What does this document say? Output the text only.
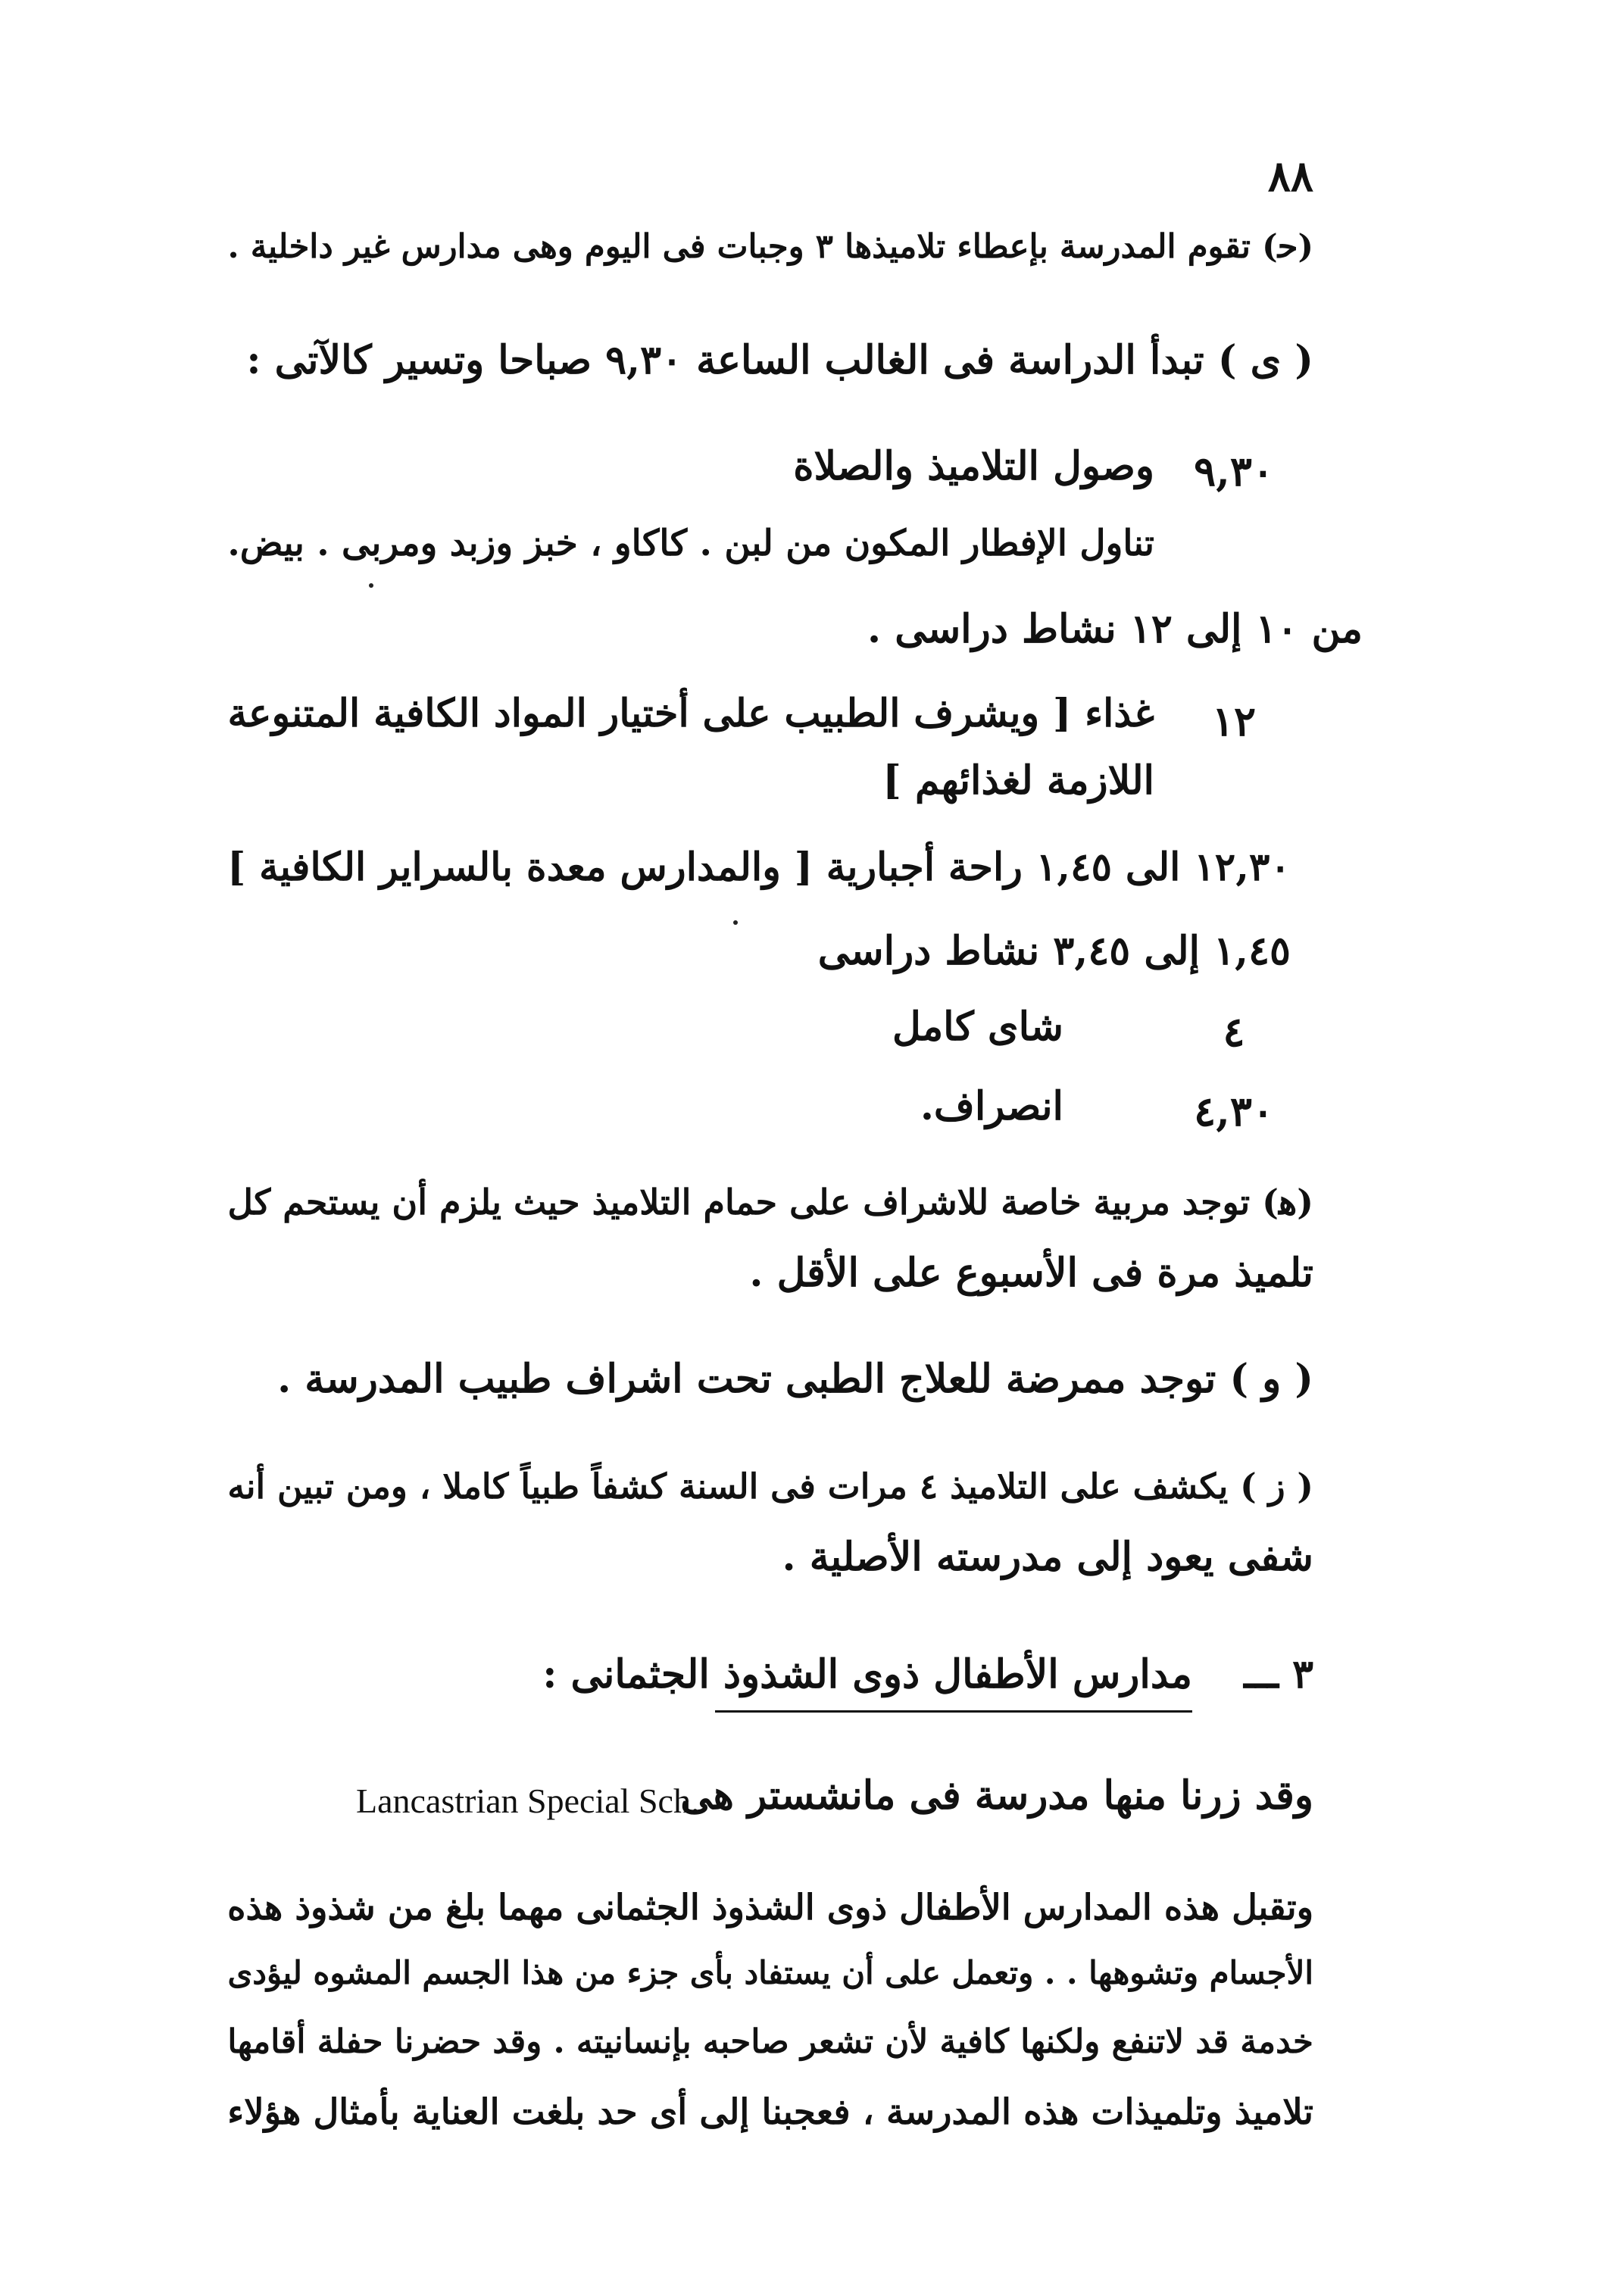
٨٨
(ﺣ) تقوم المدرسة بإعطاء تلاميذها ٣ وجبات فى اليوم وهى مدارس غير داخلية .
( ى ) تبدأ الدراسة فى الغالب الساعة ٩,٣٠ صباحا وتسير كالآتى :
٩,٣٠
وصول التلاميذ والصلاة
تناول الإفطار المكون من لبن . كاكاو ، خبز وزبد ومربى . بيض.
من ١٠ إلى ١٢ نشاط دراسى .
١٢
غذاء [ ويشرف الطبيب على أختيار المواد الكافية المتنوعة
اللازمة لغذائهم ]
١٢,٣٠ الى ١,٤٥ راحة أجبارية [ والمدارس معدة بالسراير الكافية ]
١,٤٥ إلى ٣,٤٥ نشاط دراسى
٤
شاى كامل
٤,٣٠
انصراف.
(ﻫ) توجد مربية خاصة للاشراف على حمام التلاميذ حيث يلزم أن يستحم كل
تلميذ مرة فى الأسبوع على الأقل .
( و ) توجد ممرضة للعلاج الطبى تحت اشراف طبيب المدرسة .
( ز ) يكشف على التلاميذ ٤ مرات فى السنة كشفاً طبياً كاملا ، ومن تبين أنه
شفى يعود إلى مدرسته الأصلية .
٣ ـــ
مدارس الأطفال ذوى الشذوذ الجثمانى :
وقد زرنا منها مدرسة فى مانشستر هى
Lancastrian Special Sch.
وتقبل هذه المدارس الأطفال ذوى الشذوذ الجثمانى مهما بلغ من شذوذ هذه
الأجسام وتشوهها . . وتعمل على أن يستفاد بأى جزء من هذا الجسم المشوه ليؤدى
خدمة قد لاتنفع ولكنها كافية لأن تشعر صاحبه بإنسانيته . وقد حضرنا حفلة أقامها
تلاميذ وتلميذات هذه المدرسة ، فعجبنا إلى أى حد بلغت العناية بأمثال هؤلاء
